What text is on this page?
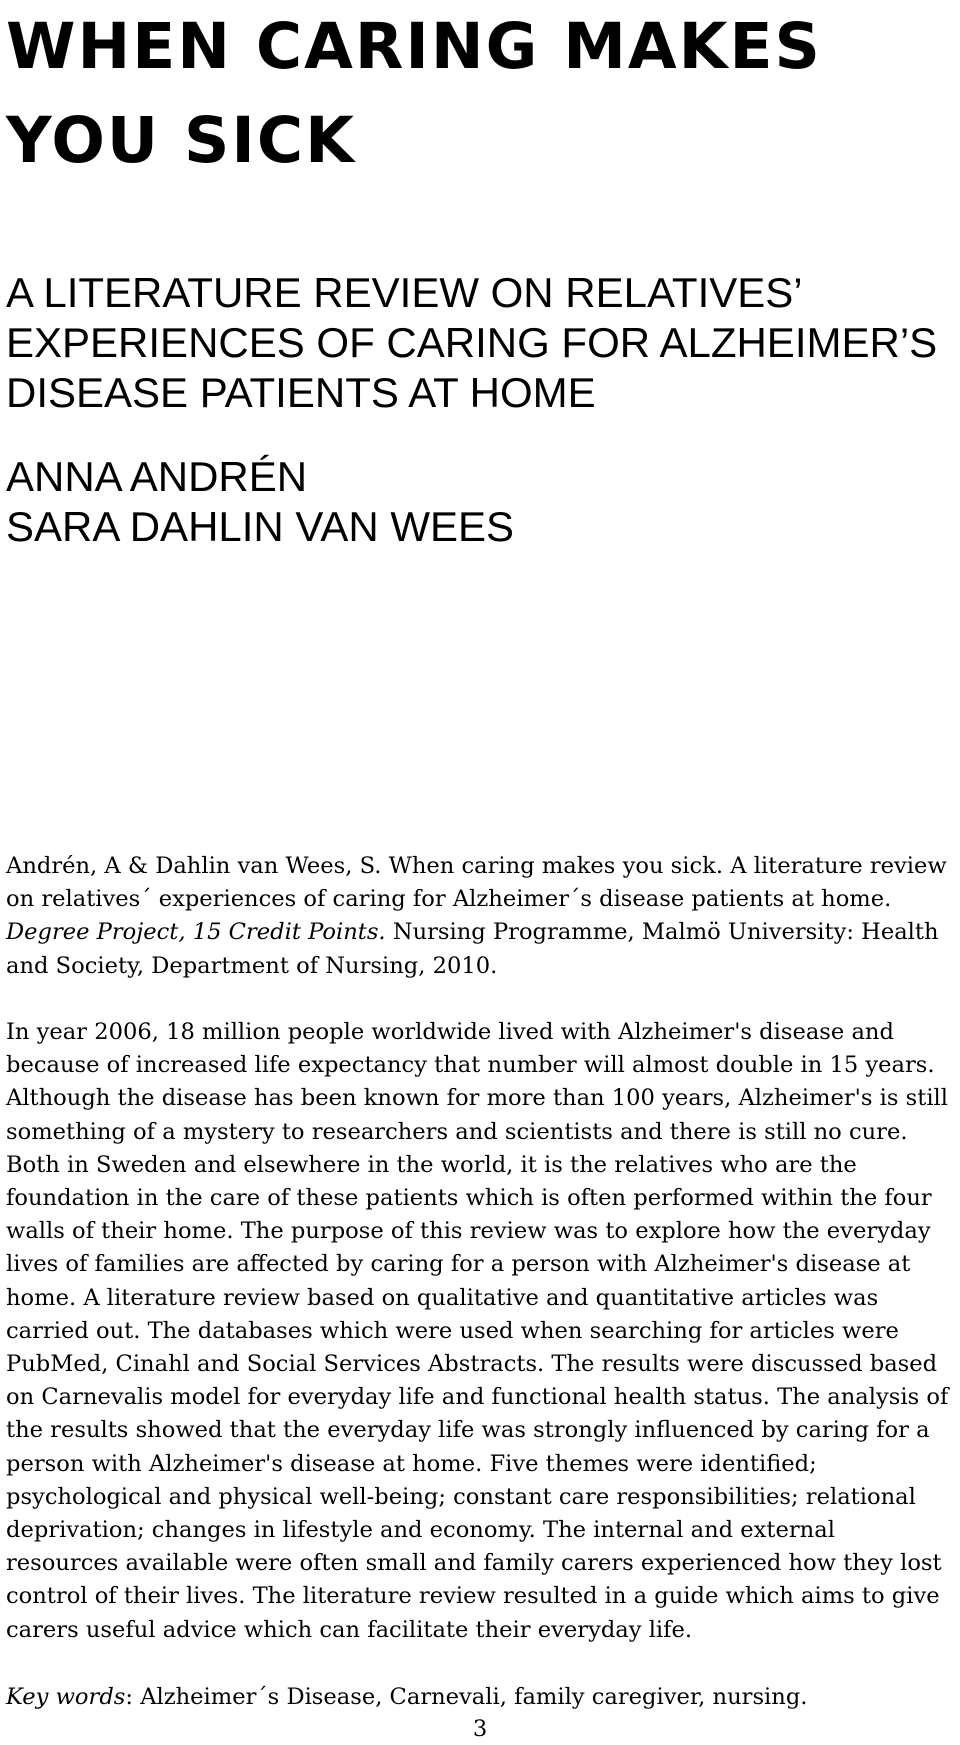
WHEN CARING MAKES YOU SICK
A LITERATURE REVIEW ON RELATIVES’ EXPERIENCES OF CARING FOR ALZHEIMER’S DISEASE PATIENTS AT HOME
ANNA ANDRÉN
SARA DAHLIN VAN WEES

Andrén, A & Dahlin van Wees, S. When caring makes you sick. A literature review on relatives´ experiences of caring for Alzheimer´s disease patients at home. Degree Project, 15 Credit Points. Nursing Programme, Malmö University: Health and Society, Department of Nursing, 2010.

In year 2006, 18 million people worldwide lived with Alzheimer's disease and because of increased life expectancy that number will almost double in 15 years. Although the disease has been known for more than 100 years, Alzheimer's is still something of a mystery to researchers and scientists and there is still no cure. Both in Sweden and elsewhere in the world, it is the relatives who are the foundation in the care of these patients which is often performed within the four walls of their home. The purpose of this review was to explore how the everyday lives of families are affected by caring for a person with Alzheimer's disease at home. A literature review based on qualitative and quantitative articles was carried out. The databases which were used when searching for articles were PubMed, Cinahl and Social Services Abstracts. The results were discussed based on Carnevalis model for everyday life and functional health status. The analysis of the results showed that the everyday life was strongly influenced by caring for a person with Alzheimer's disease at home. Five themes were identified; psychological and physical well-being; constant care responsibilities; relational deprivation; changes in lifestyle and economy. The internal and external resources available were often small and family carers experienced how they lost control of their lives. The literature review resulted in a guide which aims to give carers useful advice which can facilitate their everyday life.

Key words: Alzheimer´s Disease, Carnevali, family caregiver, nursing.

3
